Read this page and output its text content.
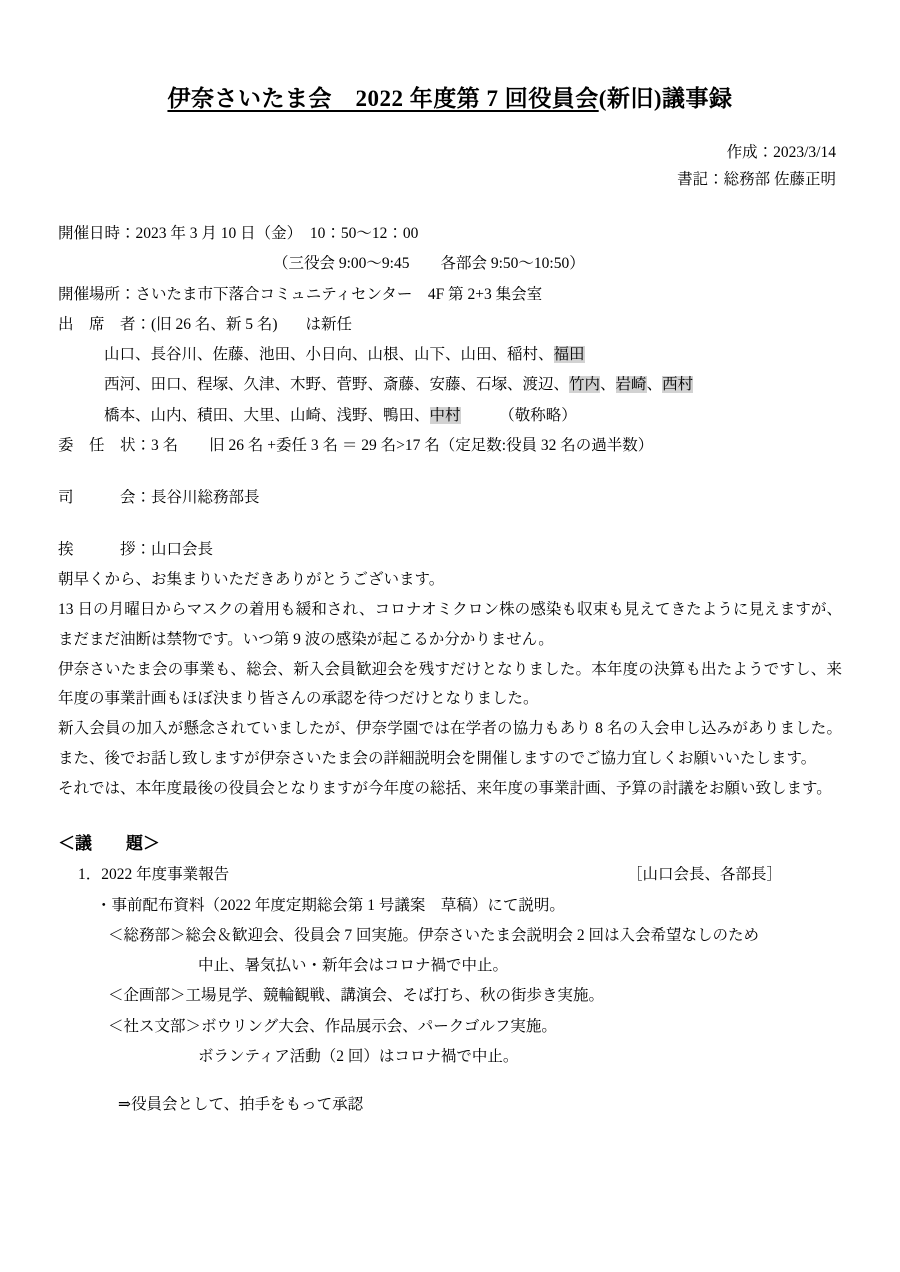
伊奈さいたま会　2022 年度第 7 回役員会(新旧)議事録
作成：2023/3/14
書記：総務部 佐藤正明
開催日時：2023 年 3 月 10 日（金）　10：50～12：00
（三役会 9:00～9:45　　各部会 9:50～10:50）
開催場所：さいたま市下落合コミュニティセンター　4F 第 2+3 集会室
出　席　者：(旧 26 名、新 5 名) は新任
山口、長谷川、佐藤、池田、小日向、山根、山下、山田、稲村、福田
西河、田口、程塚、久津、木野、菅野、斎藤、安藤、石塚、渡辺、竹内、岩崎、西村
橋本、山内、積田、大里、山崎、浅野、鴨田、中村　　　（敬称略）
委　任　状：3 名　　旧 26 名 +委任 3 名 ＝ 29 名>17 名（定足数:役員 32 名の過半数）
司　　　会：長谷川総務部長
挨　　　拶：山口会長

朝早くから、お集まりいただきありがとうございます。

13 日の月曜日からマスクの着用も緩和され、コロナオミクロン株の感染も収束も見えてきたように見えますが、まだまだ油断は禁物です。いつ第 9 波の感染が起こるか分かりません。

伊奈さいたま会の事業も、総会、新入会員歓迎会を残すだけとなりました。本年度の決算も出たようですし、来年度の事業計画もほぼ決まり皆さんの承認を待つだけとなりました。

新入会員の加入が懸念されていましたが、伊奈学園では在学者の協力もあり 8 名の入会申し込みがありました。また、後でお話し致しますが伊奈さいたま会の詳細説明会を開催しますのでご協力宜しくお願いいたします。

それでは、本年度最後の役員会となりますが今年度の総括、来年度の事業計画、予算の討議をお願い致します。

＜議　　題＞
1．2022 年度事業報告	［山口会長、各部長］
・事前配布資料（2022 年度定期総会第 1 号議案　草稿）にて説明。
＜総務部＞総会＆歓迎会、役員会 7 回実施。伊奈さいたま会説明会 2 回は入会希望なしのため
中止、暑気払い・新年会はコロナ禍で中止。
＜企画部＞工場見学、競輪観戦、講演会、そば打ち、秋の街歩き実施。
＜社ス文部＞ボウリング大会、作品展示会、パークゴルフ実施。
ボランティア活動（2 回）はコロナ禍で中止。
⇒役員会として、拍手をもって承認
